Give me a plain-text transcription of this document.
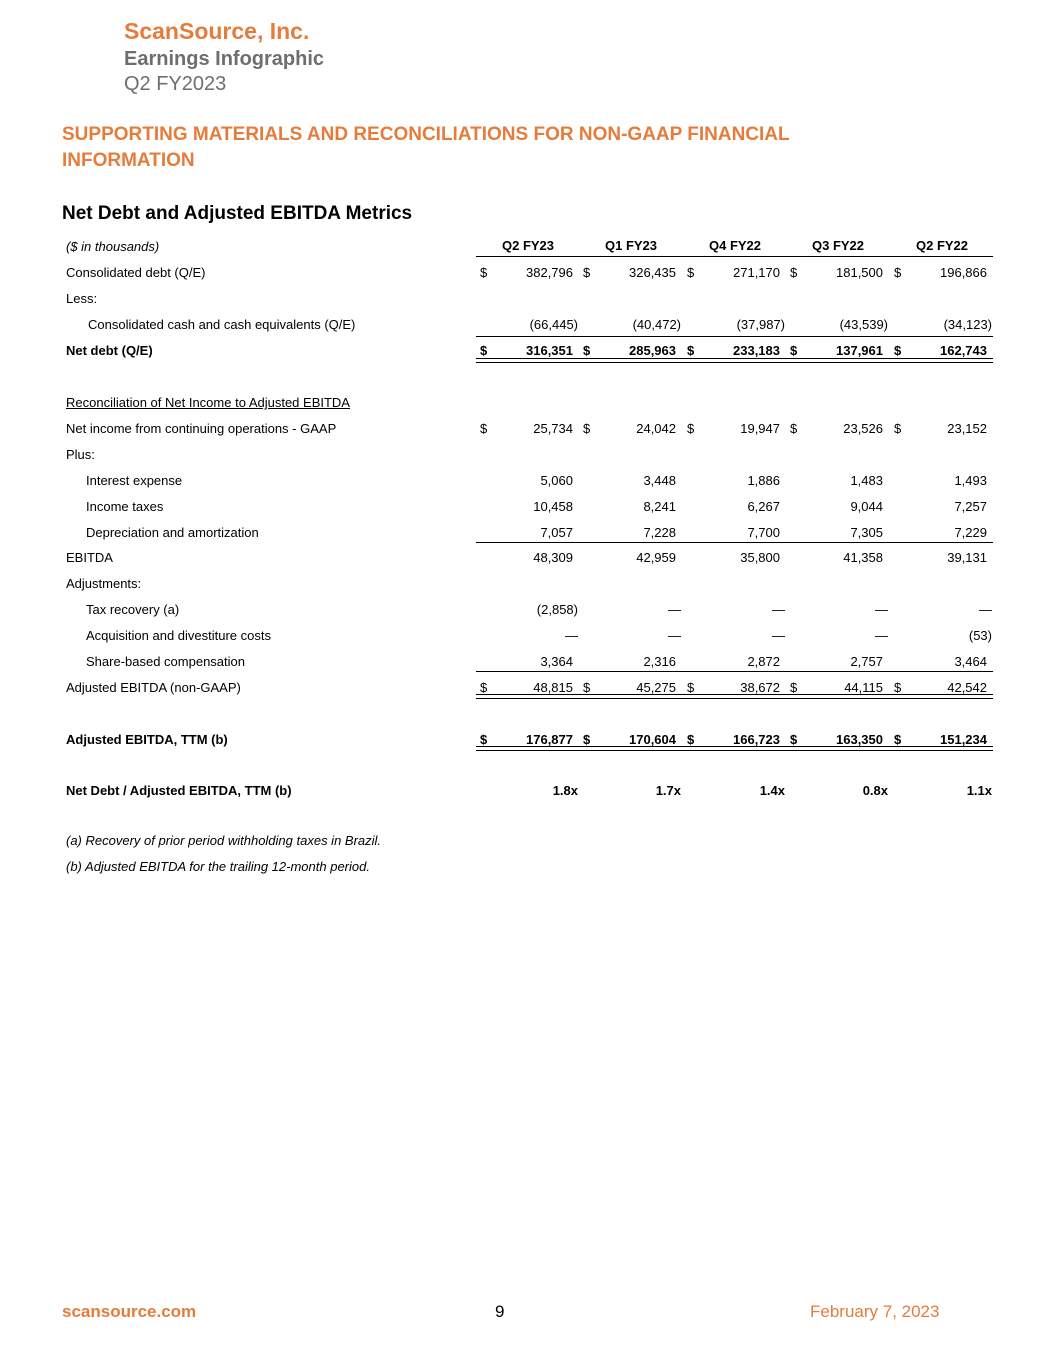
ScanSource, Inc.
Earnings Infographic
Q2 FY2023
SUPPORTING MATERIALS AND RECONCILIATIONS FOR NON-GAAP FINANCIAL INFORMATION
Net Debt and Adjusted EBITDA Metrics
($ in thousands)	Q2 FY23	Q1 FY23	Q4 FY22	Q3 FY22	Q2 FY22
Consolidated debt (Q/E)	$	382,796 $	326,435 $	271,170 $	181,500 $	196,866
Less:
Consolidated cash and cash equivalents (Q/E)	(66,445)	(40,472)	(37,987)	(43,539)	(34,123)
Net debt (Q/E)	$	316,351 $	285,963 $	233,183 $	137,961 $	162,743
Reconciliation of Net Income to Adjusted EBITDA
Net income from continuing operations - GAAP	$	25,734 $	24,042 $	19,947 $	23,526 $	23,152
Plus:
Interest expense	5,060	3,448	1,886	1,483	1,493
Income taxes	10,458	8,241	6,267	9,044	7,257
Depreciation and amortization	7,057	7,228	7,700	7,305	7,229
EBITDA	48,309	42,959	35,800	41,358	39,131
Adjustments:
Tax recovery (a)	(2,858)	—	—	—	—
Acquisition and divestiture costs	—	—	—	—	(53)
Share-based compensation	3,364	2,316	2,872	2,757	3,464
Adjusted EBITDA (non-GAAP)	$	48,815 $	45,275 $	38,672 $	44,115 $	42,542
Adjusted EBITDA, TTM (b)	$	176,877 $	170,604 $	166,723 $	163,350 $	151,234
Net Debt / Adjusted EBITDA, TTM (b)	1.8x	1.7x	1.4x	0.8x	1.1x
(a) Recovery of prior period withholding taxes in Brazil.
(b) Adjusted EBITDA for the trailing 12-month period.
scansource.com	9	February 7, 2023
